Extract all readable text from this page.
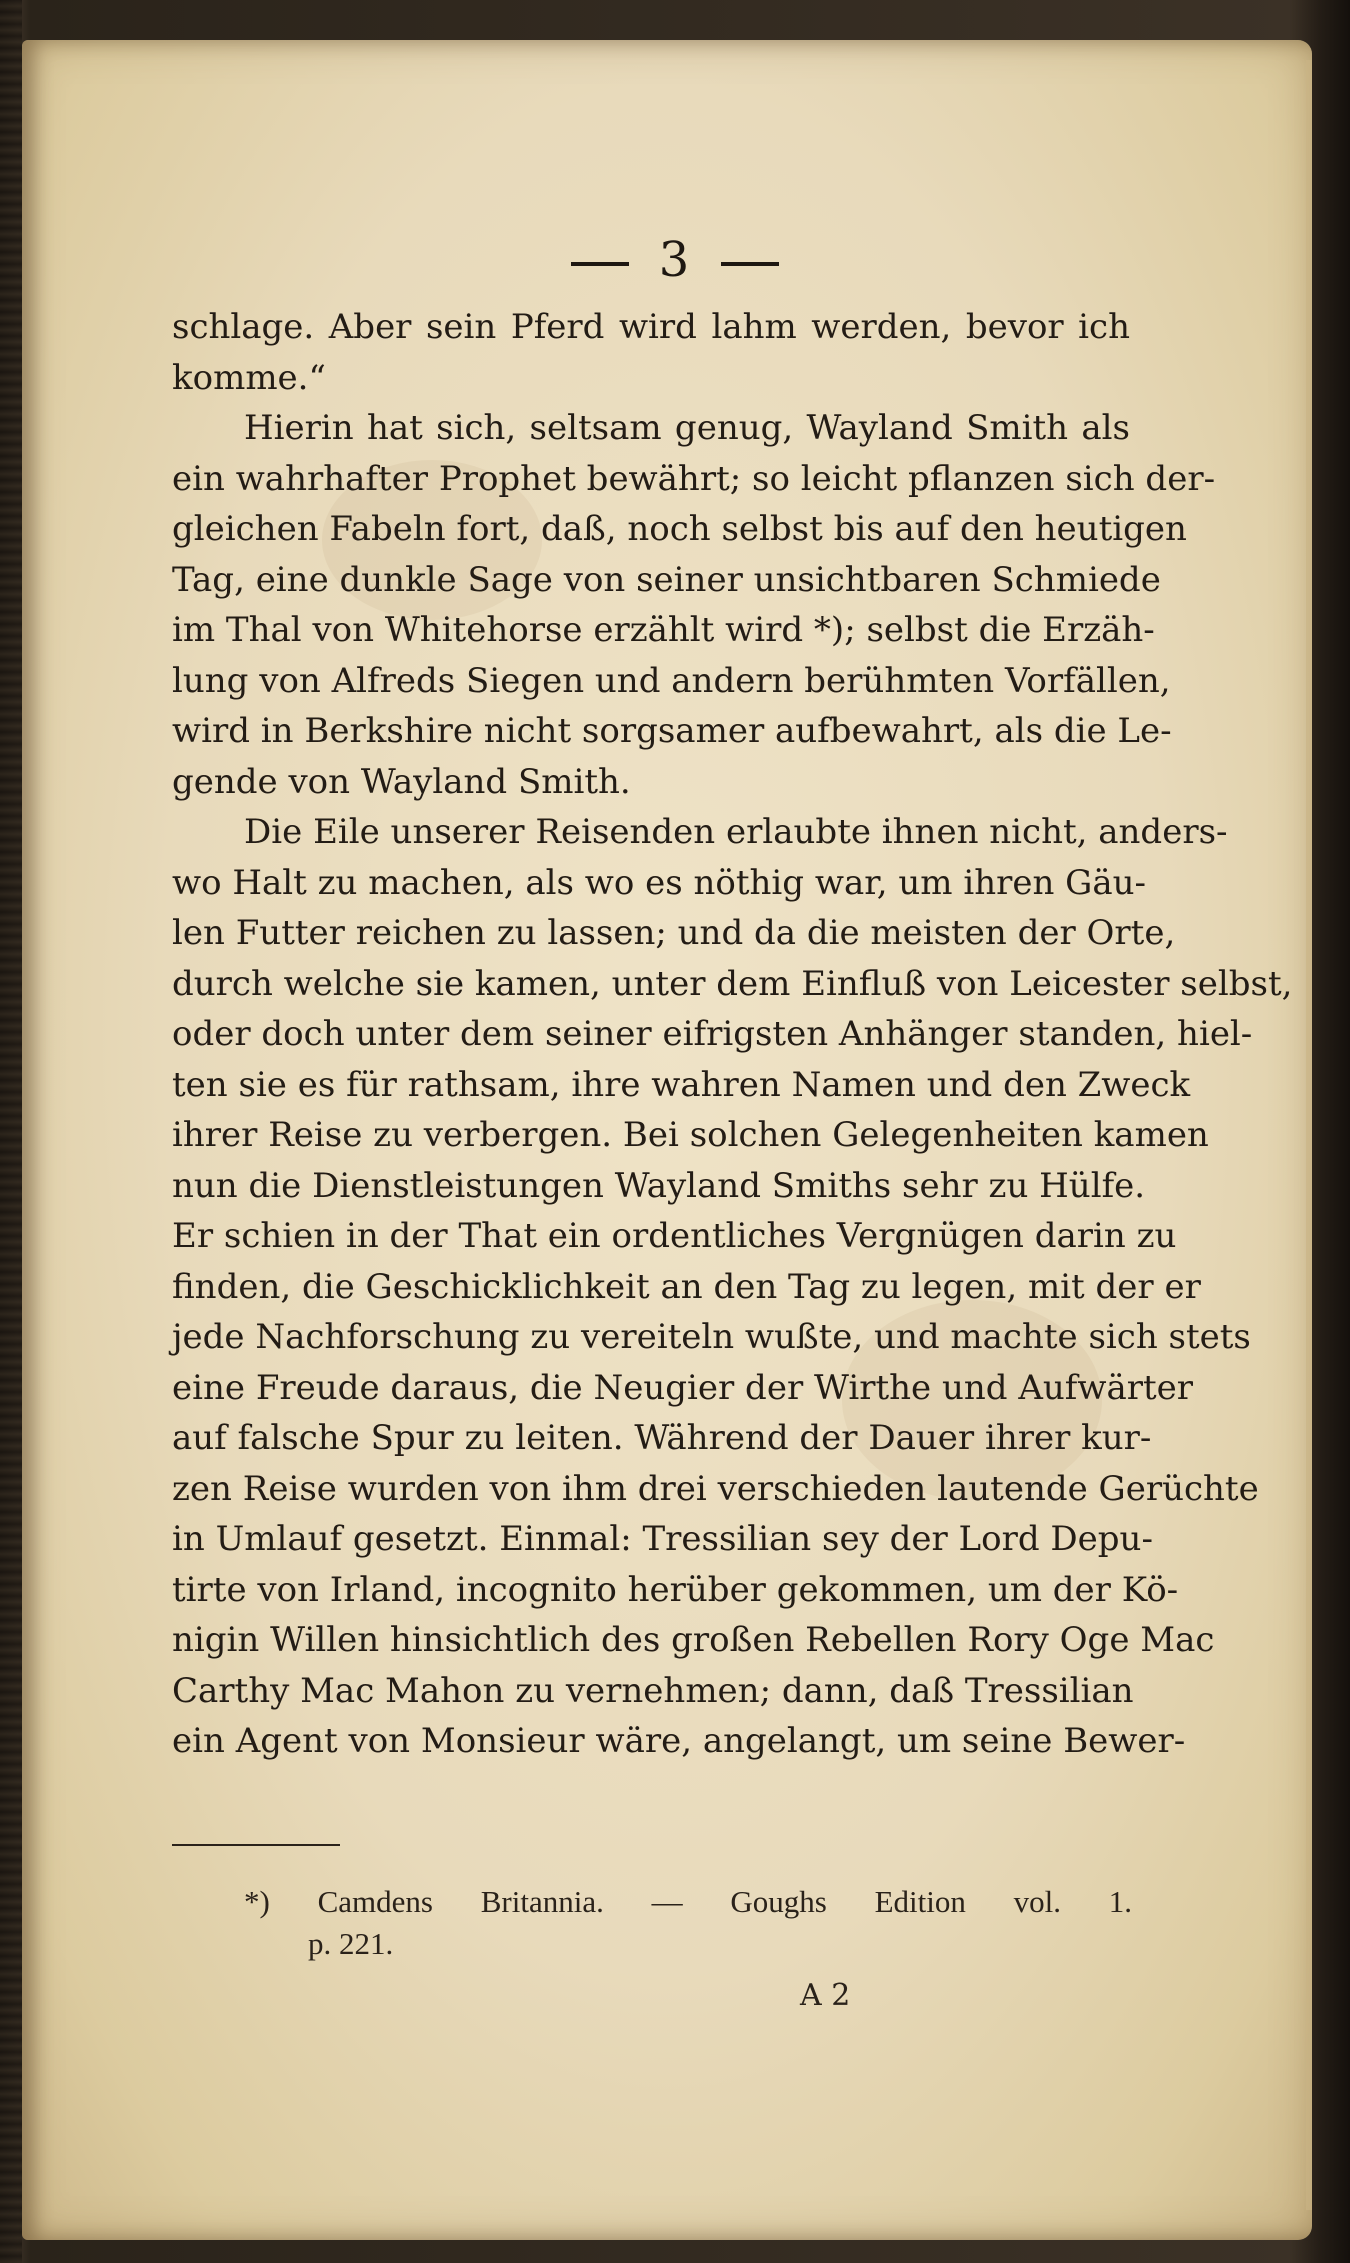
3
schlage. Aber sein Pferd wird lahm werden, bevor ich
komme.“
Hierin hat sich, seltsam genug, Wayland Smith als
ein wahrhafter Prophet bewährt; so leicht pflanzen sich der-
gleichen Fabeln fort, daß, noch selbst bis auf den heutigen
Tag, eine dunkle Sage von seiner unsichtbaren Schmiede
im Thal von Whitehorse erzählt wird *); selbst die Erzäh-
lung von Alfreds Siegen und andern berühmten Vorfällen,
wird in Berkshire nicht sorgsamer aufbewahrt, als die Le-
gende von Wayland Smith.
Die Eile unserer Reisenden erlaubte ihnen nicht, anders-
wo Halt zu machen, als wo es nöthig war, um ihren Gäu-
len Futter reichen zu lassen; und da die meisten der Orte,
durch welche sie kamen, unter dem Einfluß von Leicester selbst,
oder doch unter dem seiner eifrigsten Anhänger standen, hiel-
ten sie es für rathsam, ihre wahren Namen und den Zweck
ihrer Reise zu verbergen. Bei solchen Gelegenheiten kamen
nun die Dienstleistungen Wayland Smiths sehr zu Hülfe.
Er schien in der That ein ordentliches Vergnügen darin zu
finden, die Geschicklichkeit an den Tag zu legen, mit der er
jede Nachforschung zu vereiteln wußte, und machte sich stets
eine Freude daraus, die Neugier der Wirthe und Aufwärter
auf falsche Spur zu leiten. Während der Dauer ihrer kur-
zen Reise wurden von ihm drei verschieden lautende Gerüchte
in Umlauf gesetzt. Einmal: Tressilian sey der Lord Depu-
tirte von Irland, incognito herüber gekommen, um der Kö-
nigin Willen hinsichtlich des großen Rebellen Rory Oge Mac
Carthy Mac Mahon zu vernehmen; dann, daß Tressilian
ein Agent von Monsieur wäre, angelangt, um seine Bewer-
*) Camdens Britannia. — Goughs Edition vol. 1.
p. 221.
A 2
